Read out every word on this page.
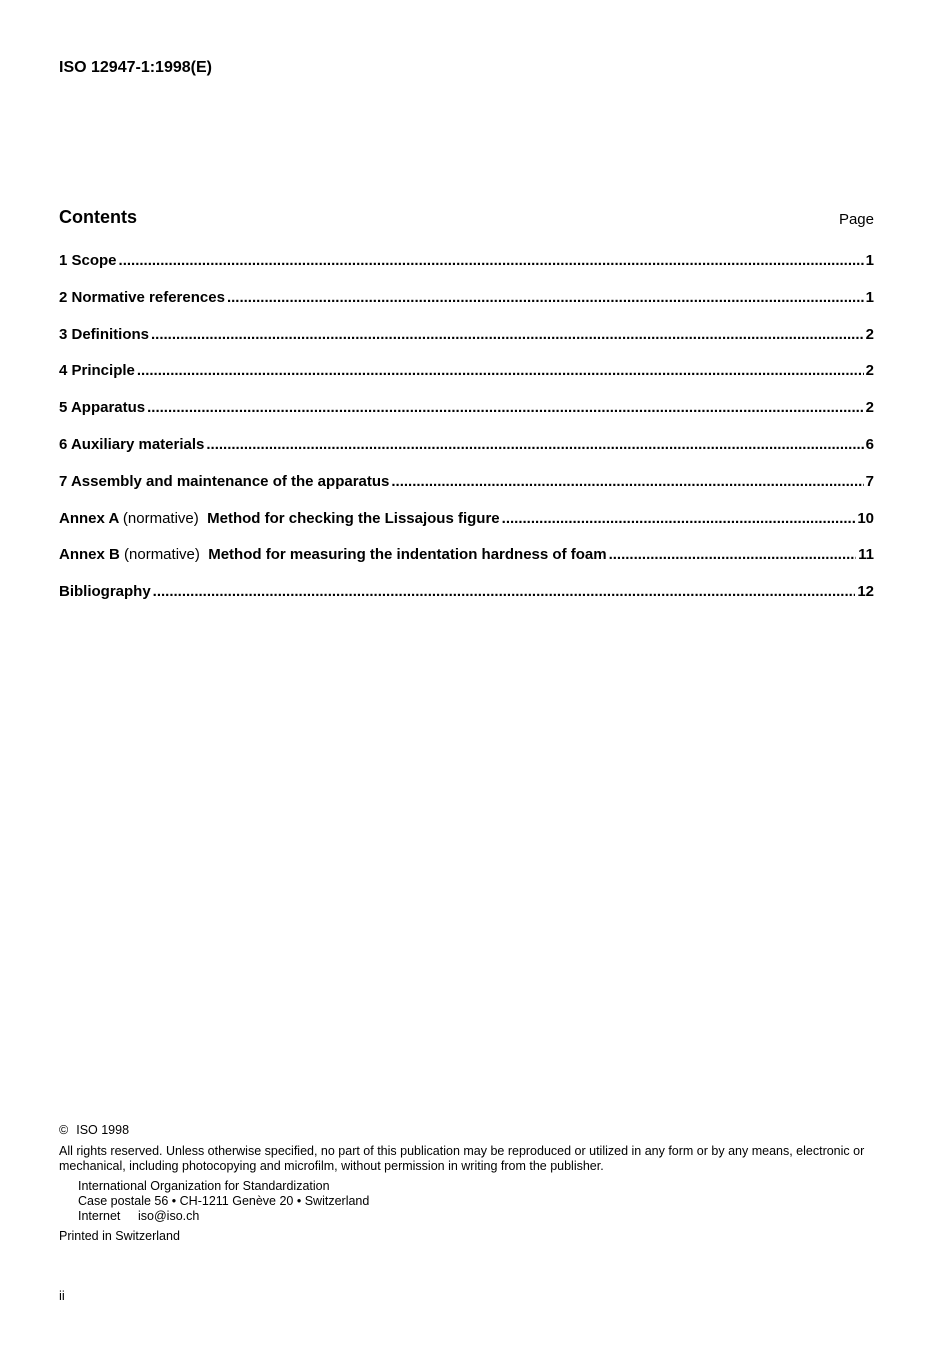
ISO 12947-1:1998(E)
Contents	Page
1 Scope .....	1
2 Normative references .....	1
3 Definitions .....	2
4 Principle .....	2
5 Apparatus .....	2
6 Auxiliary materials .....	6
7 Assembly and maintenance of the apparatus .....	7
Annex A (normative) Method for checking the Lissajous figure .....	10
Annex B (normative) Method for measuring the indentation hardness of foam .....	11
Bibliography .....	12
© ISO 1998
All rights reserved. Unless otherwise specified, no part of this publication may be reproduced or utilized in any form or by any means, electronic or mechanical, including photocopying and microfilm, without permission in writing from the publisher.
International Organization for Standardization
Case postale 56 • CH-1211 Genève 20 • Switzerland
Internet iso@iso.ch
Printed in Switzerland
ii
